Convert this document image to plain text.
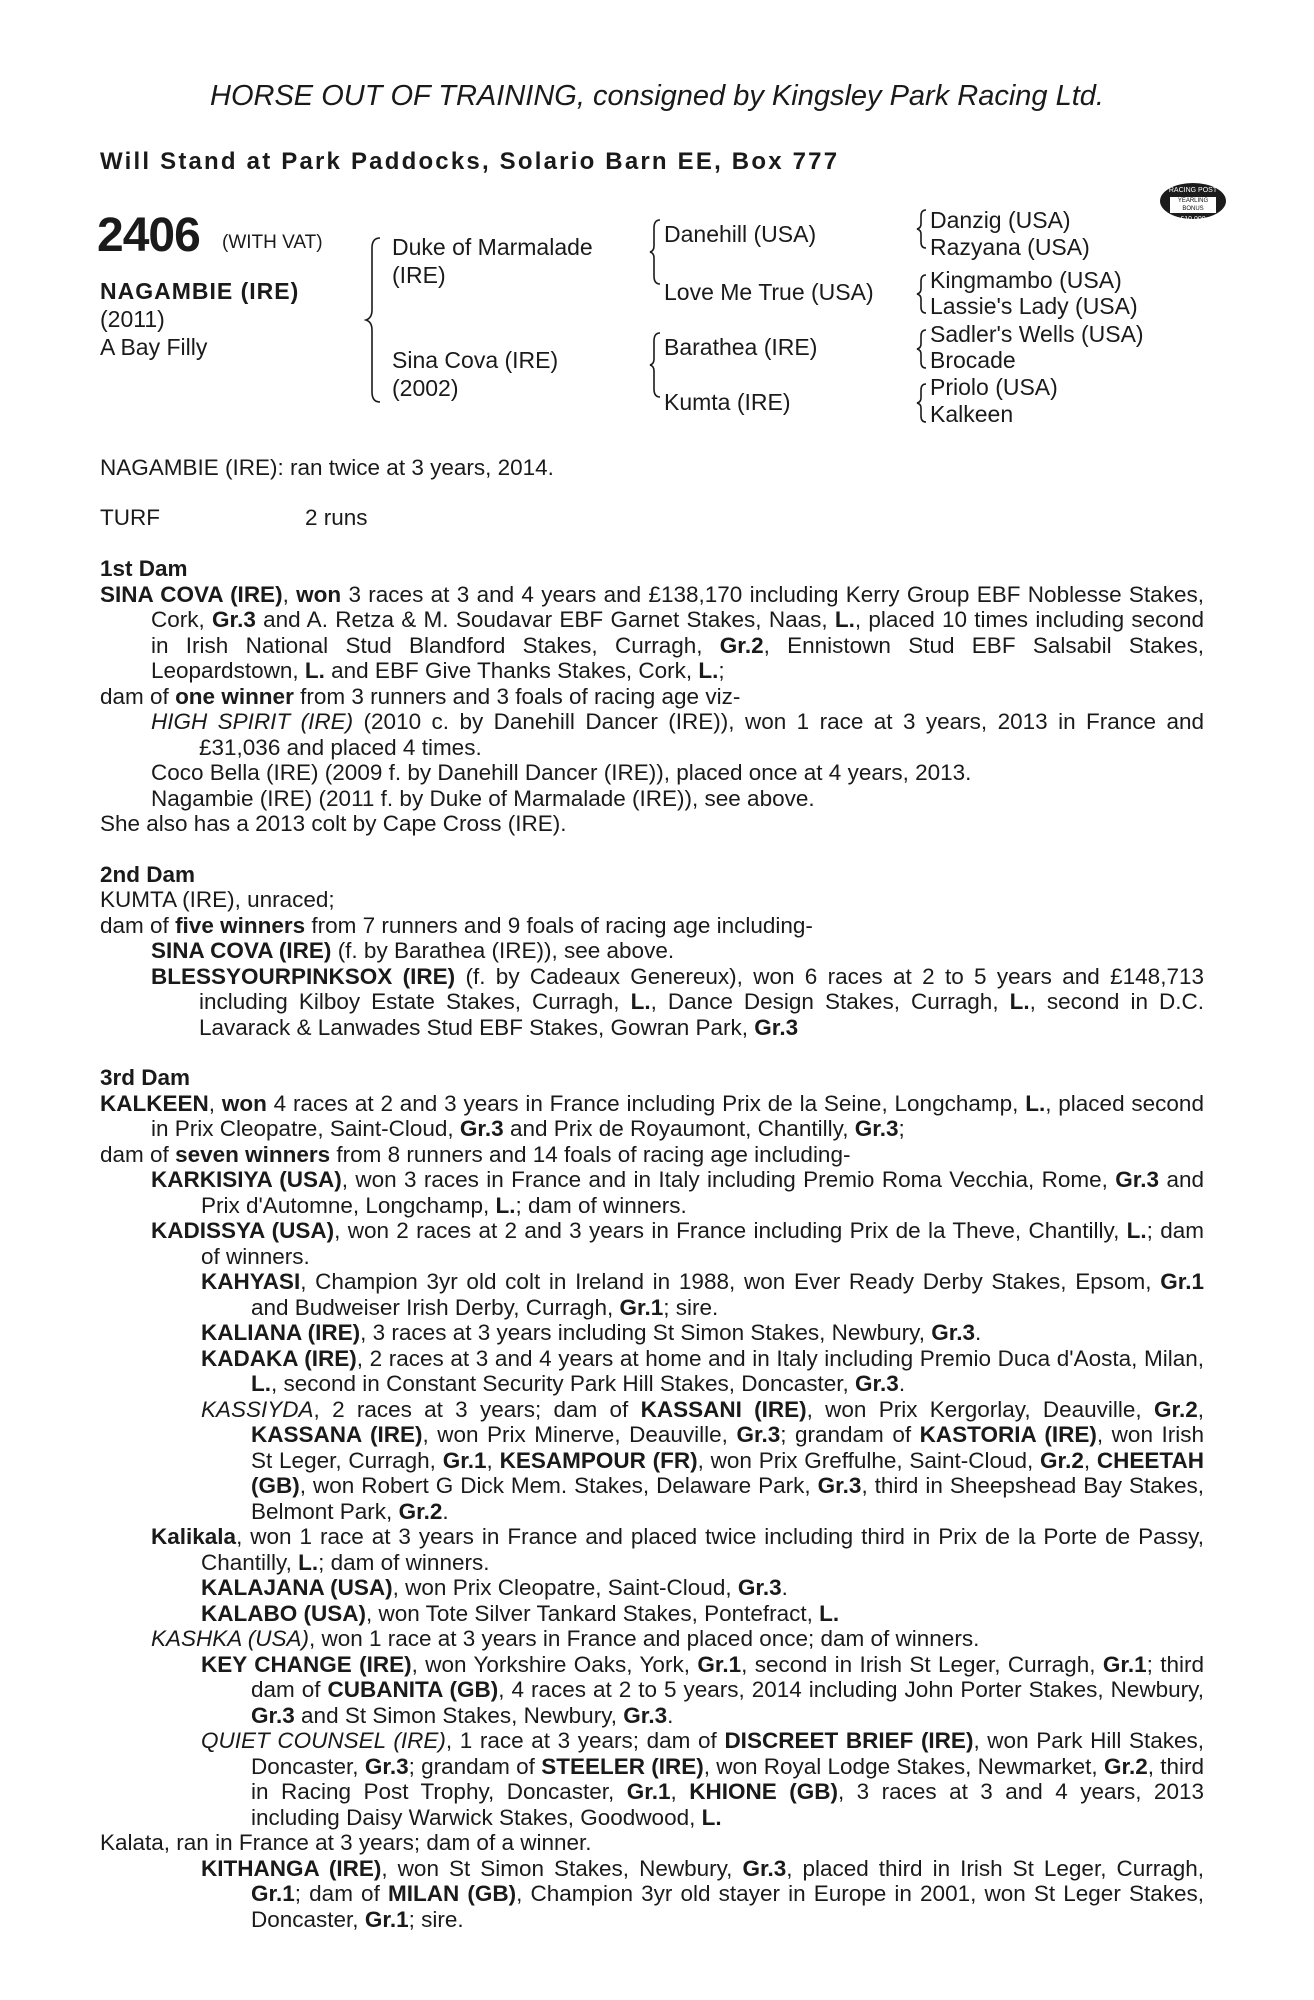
HORSE OUT OF TRAINING, consigned by Kingsley Park Racing Ltd.
Will Stand at Park Paddocks, Solario Barn EE, Box 777
RACING POST
YEARLING BONUS
£10,000
2406 (WITH VAT)
NAGAMBIE (IRE)
(2011)
A Bay Filly
Duke of Marmalade
(IRE)
Sina Cova (IRE)
(2002)
Danehill (USA)
Love Me True (USA)
Barathea (IRE)
Kumta (IRE)
Danzig (USA)
Razyana (USA)
Kingmambo (USA)
Lassie's Lady (USA)
Sadler's Wells (USA)
Brocade
Priolo (USA)
Kalkeen
NAGAMBIE (IRE): ran twice at 3 years, 2014.
TURF	2 runs
1st Dam

SINA COVA (IRE), won 3 races at 3 and 4 years and £138,170 including Kerry Group EBF Noblesse Stakes, Cork, Gr.3 and A. Retza & M. Soudavar EBF Garnet Stakes, Naas, L., placed 10 times including second in Irish National Stud Blandford Stakes, Curragh, Gr.2, Ennistown Stud EBF Salsabil Stakes, Leopardstown, L. and EBF Give Thanks Stakes, Cork, L.;

dam of one winner from 3 runners and 3 foals of racing age viz-

HIGH SPIRIT (IRE) (2010 c. by Danehill Dancer (IRE)), won 1 race at 3 years, 2013 in France and £31,036 and placed 4 times.

Coco Bella (IRE) (2009 f. by Danehill Dancer (IRE)), placed once at 4 years, 2013.

Nagambie (IRE) (2011 f. by Duke of Marmalade (IRE)), see above.

She also has a 2013 colt by Cape Cross (IRE).

2nd Dam

KUMTA (IRE), unraced;

dam of five winners from 7 runners and 9 foals of racing age including-

SINA COVA (IRE) (f. by Barathea (IRE)), see above.

BLESSYOURPINKSOX (IRE) (f. by Cadeaux Genereux), won 6 races at 2 to 5 years and £148,713 including Kilboy Estate Stakes, Curragh, L., Dance Design Stakes, Curragh, L., second in D.C. Lavarack & Lanwades Stud EBF Stakes, Gowran Park, Gr.3

3rd Dam

KALKEEN, won 4 races at 2 and 3 years in France including Prix de la Seine, Longchamp, L., placed second in Prix Cleopatre, Saint-Cloud, Gr.3 and Prix de Royaumont, Chantilly, Gr.3;

dam of seven winners from 8 runners and 14 foals of racing age including-

KARKISIYA (USA), won 3 races in France and in Italy including Premio Roma Vecchia, Rome, Gr.3 and Prix d'Automne, Longchamp, L.; dam of winners.

KADISSYA (USA), won 2 races at 2 and 3 years in France including Prix de la Theve, Chantilly, L.; dam of winners.

KAHYASI, Champion 3yr old colt in Ireland in 1988, won Ever Ready Derby Stakes, Epsom, Gr.1 and Budweiser Irish Derby, Curragh, Gr.1; sire.

KALIANA (IRE), 3 races at 3 years including St Simon Stakes, Newbury, Gr.3.

KADAKA (IRE), 2 races at 3 and 4 years at home and in Italy including Premio Duca d'Aosta, Milan, L., second in Constant Security Park Hill Stakes, Doncaster, Gr.3.

KASSIYDA, 2 races at 3 years; dam of KASSANI (IRE), won Prix Kergorlay, Deauville, Gr.2, KASSANA (IRE), won Prix Minerve, Deauville, Gr.3; grandam of KASTORIA (IRE), won Irish St Leger, Curragh, Gr.1, KESAMPOUR (FR), won Prix Greffulhe, Saint-Cloud, Gr.2, CHEETAH (GB), won Robert G Dick Mem. Stakes, Delaware Park, Gr.3, third in Sheepshead Bay Stakes, Belmont Park, Gr.2.

Kalikala, won 1 race at 3 years in France and placed twice including third in Prix de la Porte de Passy, Chantilly, L.; dam of winners.

KALAJANA (USA), won Prix Cleopatre, Saint-Cloud, Gr.3.

KALABO (USA), won Tote Silver Tankard Stakes, Pontefract, L.

KASHKA (USA), won 1 race at 3 years in France and placed once; dam of winners.

KEY CHANGE (IRE), won Yorkshire Oaks, York, Gr.1, second in Irish St Leger, Curragh, Gr.1; third dam of CUBANITA (GB), 4 races at 2 to 5 years, 2014 including John Porter Stakes, Newbury, Gr.3 and St Simon Stakes, Newbury, Gr.3.

QUIET COUNSEL (IRE), 1 race at 3 years; dam of DISCREET BRIEF (IRE), won Park Hill Stakes, Doncaster, Gr.3; grandam of STEELER (IRE), won Royal Lodge Stakes, Newmarket, Gr.2, third in Racing Post Trophy, Doncaster, Gr.1, KHIONE (GB), 3 races at 3 and 4 years, 2013 including Daisy Warwick Stakes, Goodwood, L.

Kalata, ran in France at 3 years; dam of a winner.

KITHANGA (IRE), won St Simon Stakes, Newbury, Gr.3, placed third in Irish St Leger, Curragh, Gr.1; dam of MILAN (GB), Champion 3yr old stayer in Europe in 2001, won St Leger Stakes, Doncaster, Gr.1; sire.
